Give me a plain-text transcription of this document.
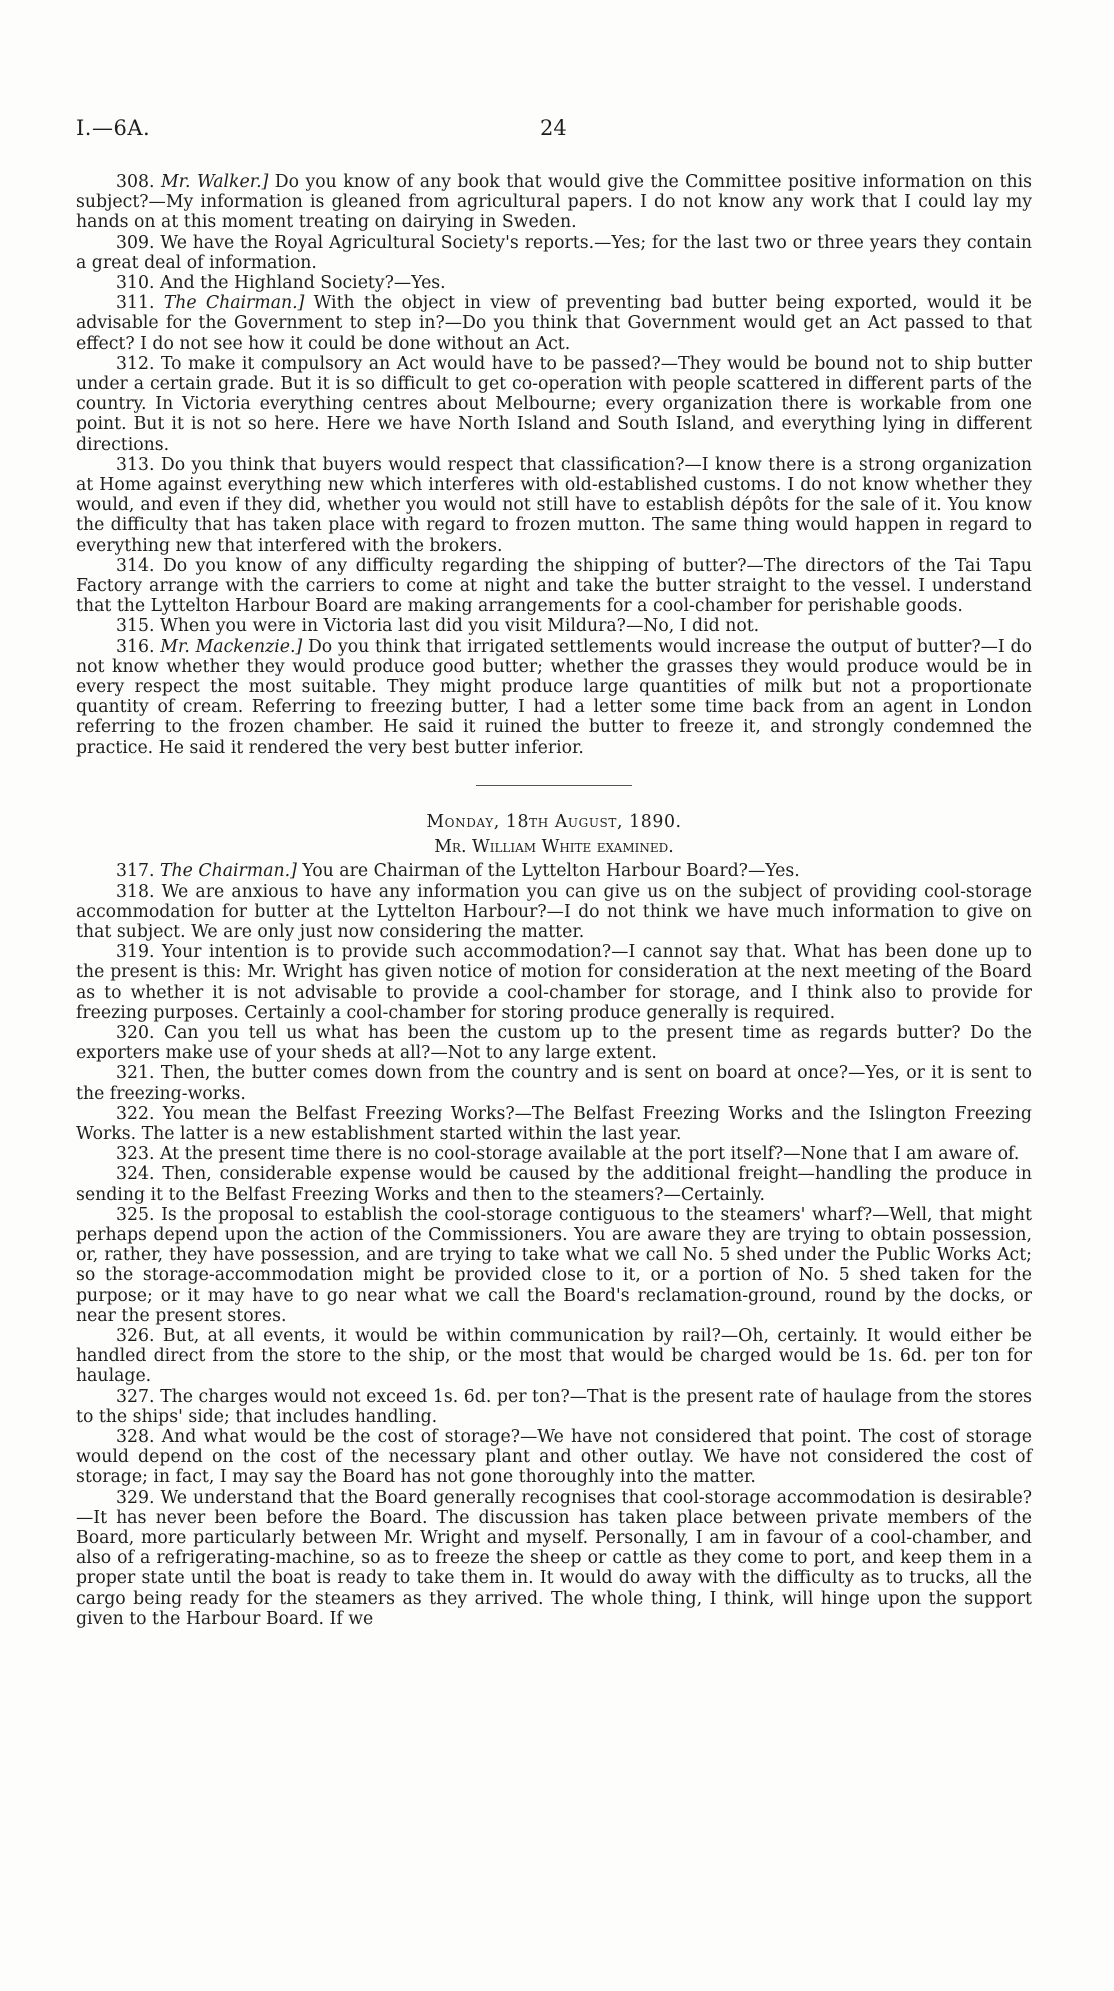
I.—6A.	24

308. Mr. Walker.] Do you know of any book that would give the Committee positive information on this subject?—My information is gleaned from agricultural papers. I do not know any work that I could lay my hands on at this moment treating on dairying in Sweden.

309. We have the Royal Agricultural Society's reports.—Yes; for the last two or three years they contain a great deal of information.

310. And the Highland Society?—Yes.

311. The Chairman.] With the object in view of preventing bad butter being exported, would it be advisable for the Government to step in?—Do you think that Government would get an Act passed to that effect? I do not see how it could be done without an Act.

312. To make it compulsory an Act would have to be passed?—They would be bound not to ship butter under a certain grade. But it is so difficult to get co-operation with people scattered in different parts of the country. In Victoria everything centres about Melbourne; every organization there is workable from one point. But it is not so here. Here we have North Island and South Island, and everything lying in different directions.

313. Do you think that buyers would respect that classification?—I know there is a strong organization at Home against everything new which interferes with old-established customs. I do not know whether they would, and even if they did, whether you would not still have to establish dépôts for the sale of it. You know the difficulty that has taken place with regard to frozen mutton. The same thing would happen in regard to everything new that interfered with the brokers.

314. Do you know of any difficulty regarding the shipping of butter?—The directors of the Tai Tapu Factory arrange with the carriers to come at night and take the butter straight to the vessel. I understand that the Lyttelton Harbour Board are making arrangements for a cool-chamber for perishable goods.

315. When you were in Victoria last did you visit Mildura?—No, I did not.

316. Mr. Mackenzie.] Do you think that irrigated settlements would increase the output of butter?—I do not know whether they would produce good butter; whether the grasses they would produce would be in every respect the most suitable. They might produce large quantities of milk but not a proportionate quantity of cream. Referring to freezing butter, I had a letter some time back from an agent in London referring to the frozen chamber. He said it ruined the butter to freeze it, and strongly condemned the practice. He said it rendered the very best butter inferior.

Monday, 18th August, 1890.

Mr. William White examined.

317. The Chairman.] You are Chairman of the Lyttelton Harbour Board?—Yes.

318. We are anxious to have any information you can give us on the subject of providing cool-storage accommodation for butter at the Lyttelton Harbour?—I do not think we have much information to give on that subject. We are only just now considering the matter.

319. Your intention is to provide such accommodation?—I cannot say that. What has been done up to the present is this: Mr. Wright has given notice of motion for consideration at the next meeting of the Board as to whether it is not advisable to provide a cool-chamber for storage, and I think also to provide for freezing purposes. Certainly a cool-chamber for storing produce generally is required.

320. Can you tell us what has been the custom up to the present time as regards butter? Do the exporters make use of your sheds at all?—Not to any large extent.

321. Then, the butter comes down from the country and is sent on board at once?—Yes, or it is sent to the freezing-works.

322. You mean the Belfast Freezing Works?—The Belfast Freezing Works and the Islington Freezing Works. The latter is a new establishment started within the last year.

323. At the present time there is no cool-storage available at the port itself?—None that I am aware of.

324. Then, considerable expense would be caused by the additional freight—handling the produce in sending it to the Belfast Freezing Works and then to the steamers?—Certainly.

325. Is the proposal to establish the cool-storage contiguous to the steamers' wharf?—Well, that might perhaps depend upon the action of the Commissioners. You are aware they are trying to obtain possession, or, rather, they have possession, and are trying to take what we call No. 5 shed under the Public Works Act; so the storage-accommodation might be provided close to it, or a portion of No. 5 shed taken for the purpose; or it may have to go near what we call the Board's reclamation-ground, round by the docks, or near the present stores.

326. But, at all events, it would be within communication by rail?—Oh, certainly. It would either be handled direct from the store to the ship, or the most that would be charged would be 1s. 6d. per ton for haulage.

327. The charges would not exceed 1s. 6d. per ton?—That is the present rate of haulage from the stores to the ships' side; that includes handling.

328. And what would be the cost of storage?—We have not considered that point. The cost of storage would depend on the cost of the necessary plant and other outlay. We have not considered the cost of storage; in fact, I may say the Board has not gone thoroughly into the matter.

329. We understand that the Board generally recognises that cool-storage accommodation is desirable?—It has never been before the Board. The discussion has taken place between private members of the Board, more particularly between Mr. Wright and myself. Personally, I am in favour of a cool-chamber, and also of a refrigerating-machine, so as to freeze the sheep or cattle as they come to port, and keep them in a proper state until the boat is ready to take them in. It would do away with the difficulty as to trucks, all the cargo being ready for the steamers as they arrived. The whole thing, I think, will hinge upon the support given to the Harbour Board. If we
